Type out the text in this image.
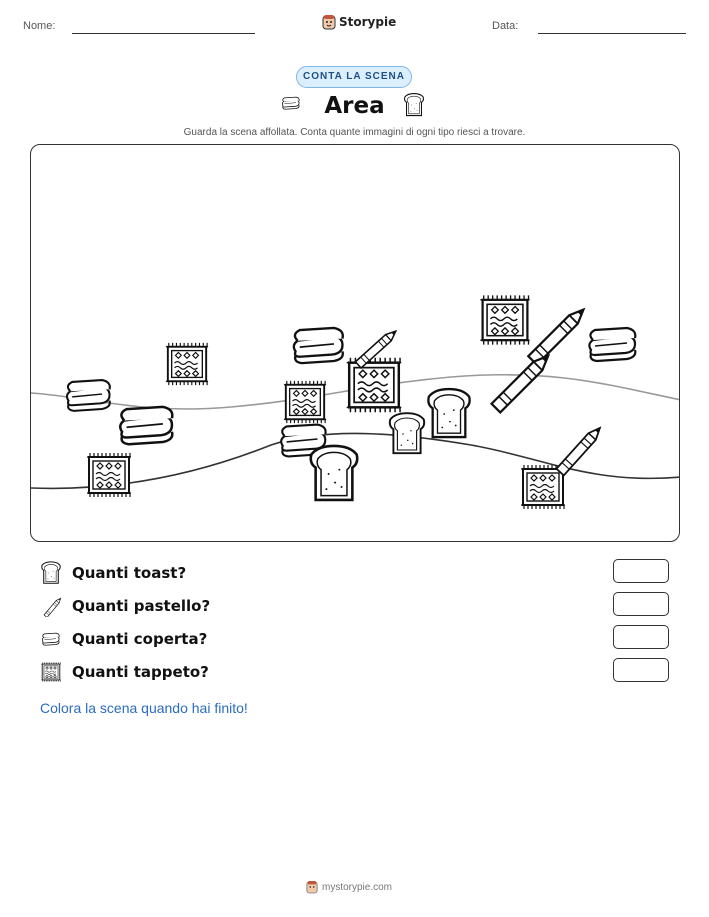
Nome:	Storypie	Data:
CONTA LA SCENA
Area
Guarda la scena affollata. Conta quante immagini di ogni tipo riesci a trovare.
Quanti toast?
Quanti pastello?
Quanti coperta?
Quanti tappeto?
Colora la scena quando hai finito!
mystorypie.com
